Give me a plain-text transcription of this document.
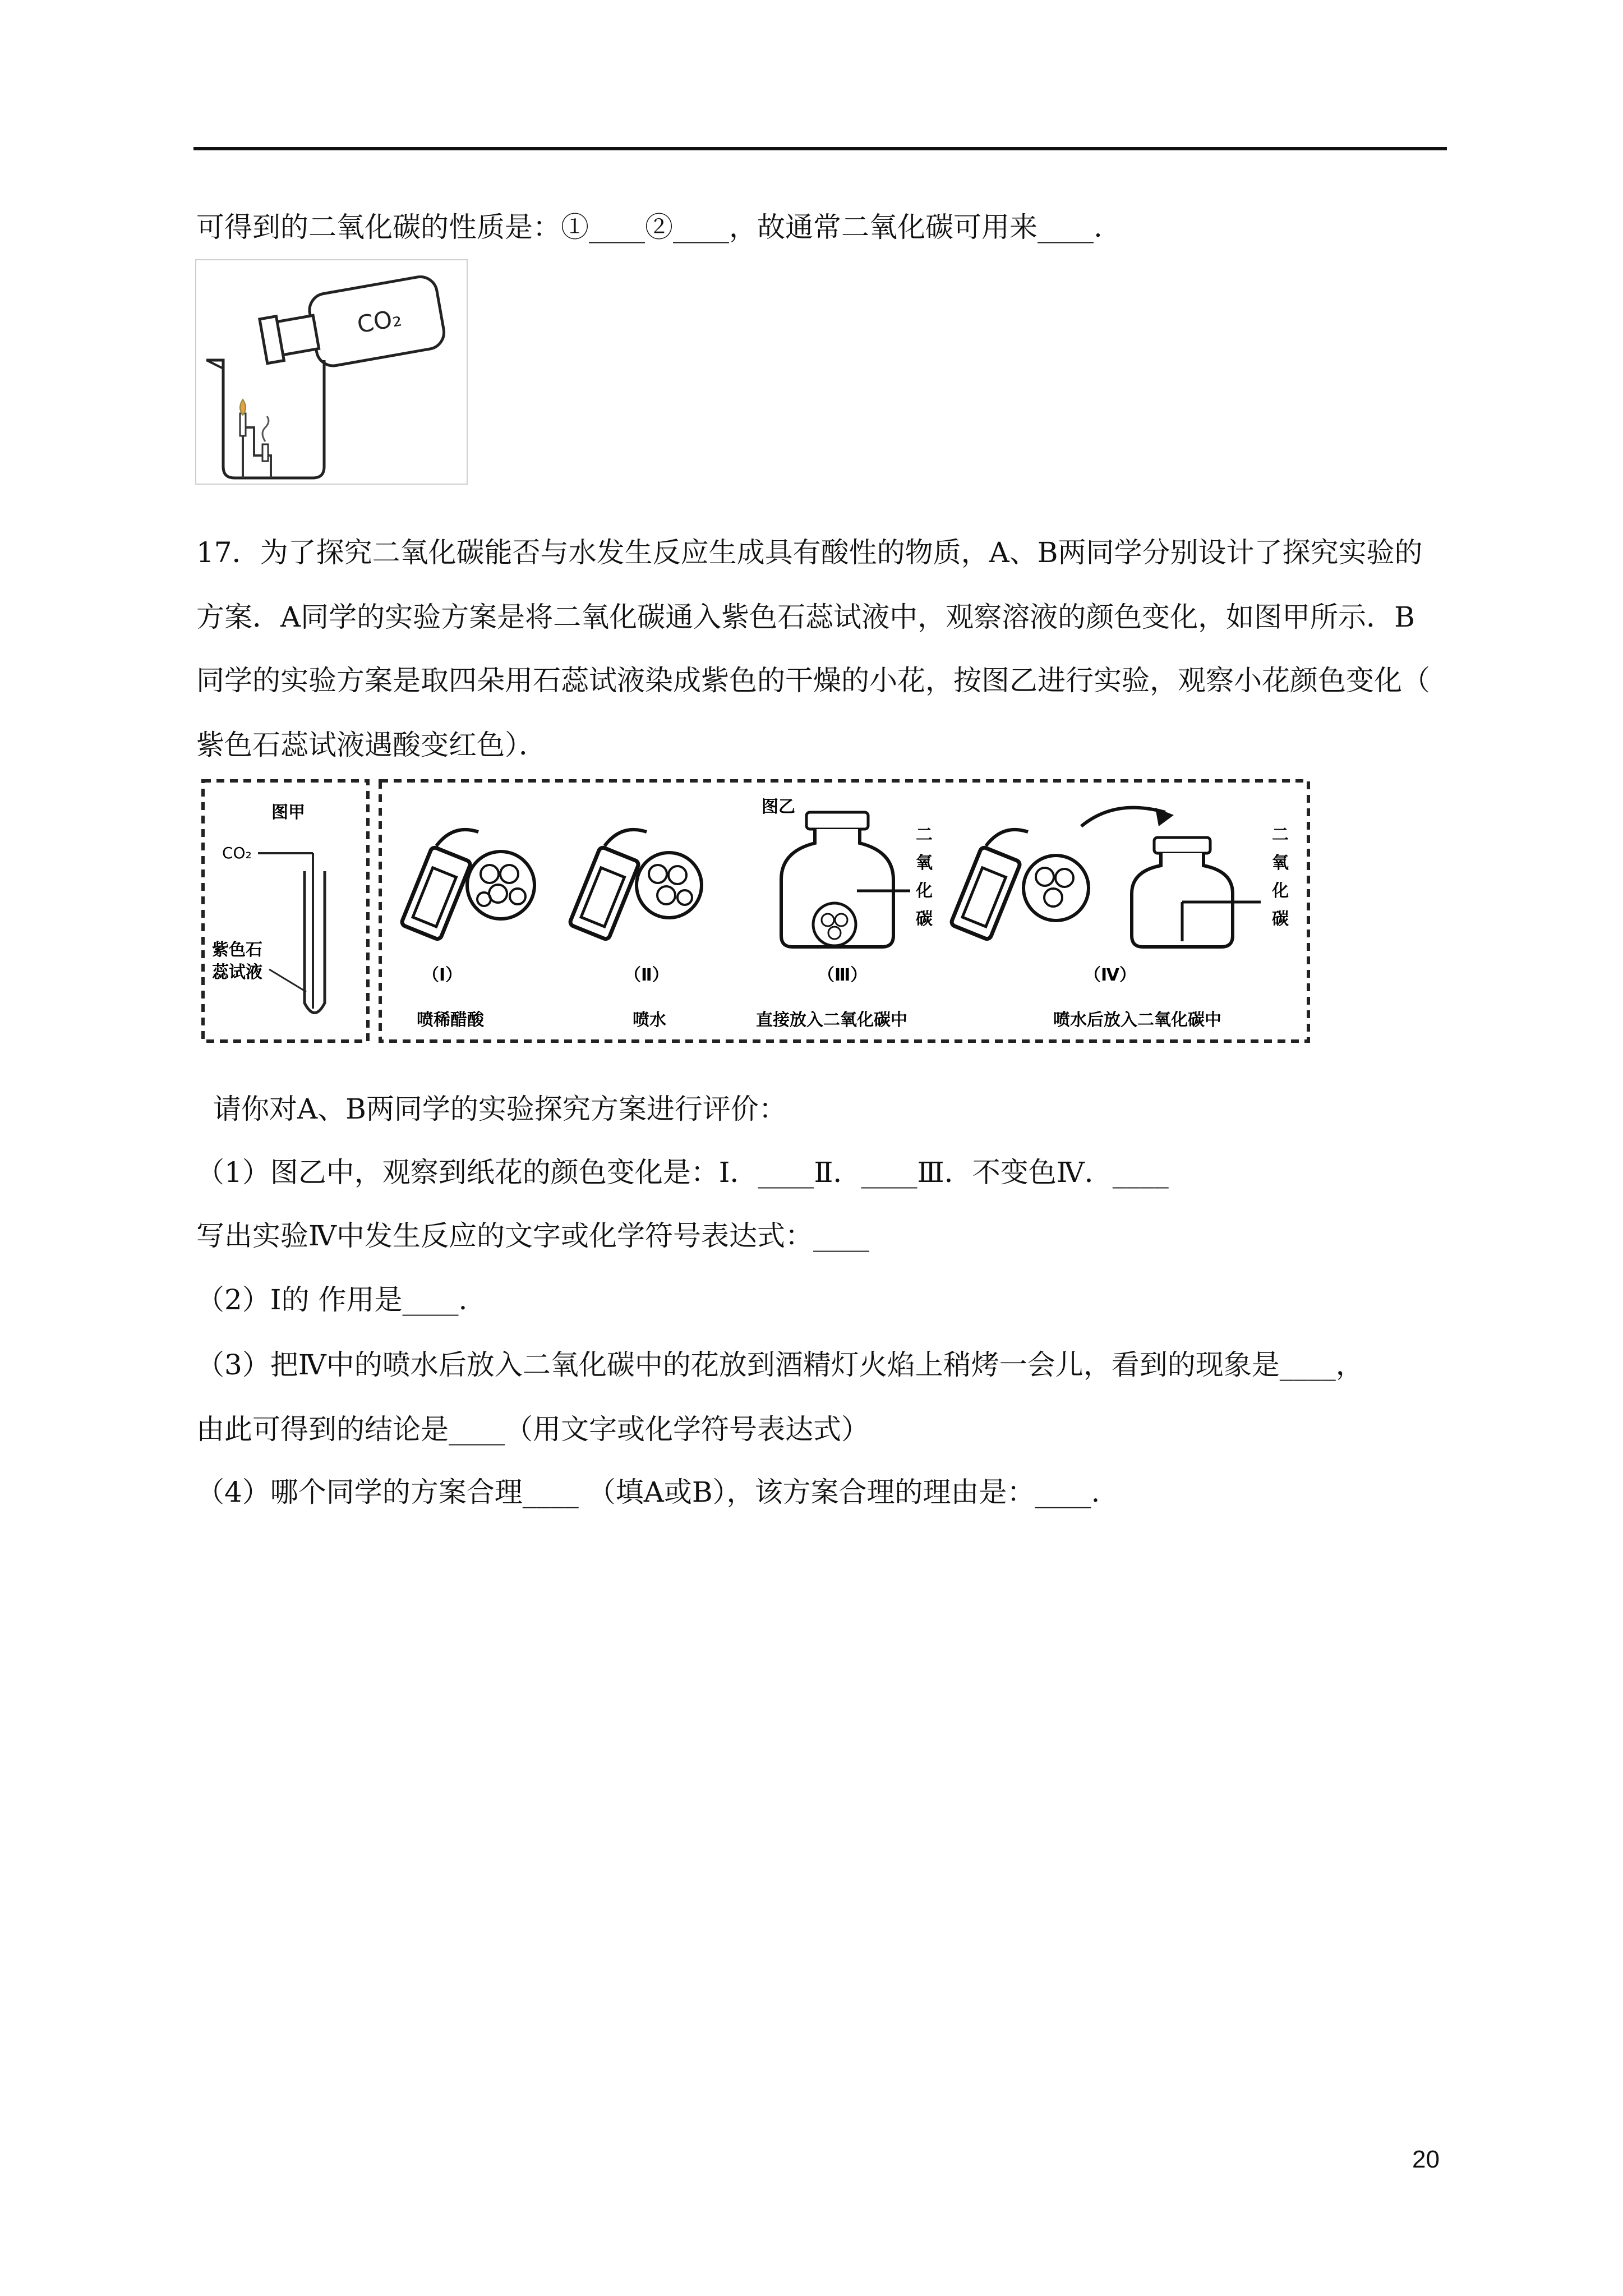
可得到的二氧化碳的性质是：①____②____，故通常二氧化碳可用来____.
CO₂
17．为了探究二氧化碳能否与水发生反应生成具有酸性的物质，A、B两同学分别设计了探究实验的
方案．A同学的实验方案是将二氧化碳通入紫色石蕊试液中，观察溶液的颜色变化，如图甲所示．B
同学的实验方案是取四朵用石蕊试液染成紫色的干燥的小花，按图乙进行实验，观察小花颜色变化（
紫色石蕊试液遇酸变红色）．
图甲
CO₂
紫色石
蕊试液
图乙
（Ⅰ）
喷稀醋酸
（Ⅱ）
喷水
二
氧
化
碳
（Ⅲ）
直接放入二氧化碳中
二
氧
化
碳
（Ⅳ）
喷水后放入二氧化碳中
请你对A、B两同学的实验探究方案进行评价：
（1）图乙中，观察到纸花的颜色变化是：I．____Ⅱ．____Ⅲ．不变色Ⅳ．____
写出实验Ⅳ中发生反应的文字或化学符号表达式：____
（2）I的 作用是____.
（3）把Ⅳ中的喷水后放入二氧化碳中的花放到酒精灯火焰上稍烤一会儿，看到的现象是____，
由此可得到的结论是____（用文字或化学符号表达式）
（4）哪个同学的方案合理____ （填A或B），该方案合理的理由是：____.
20
